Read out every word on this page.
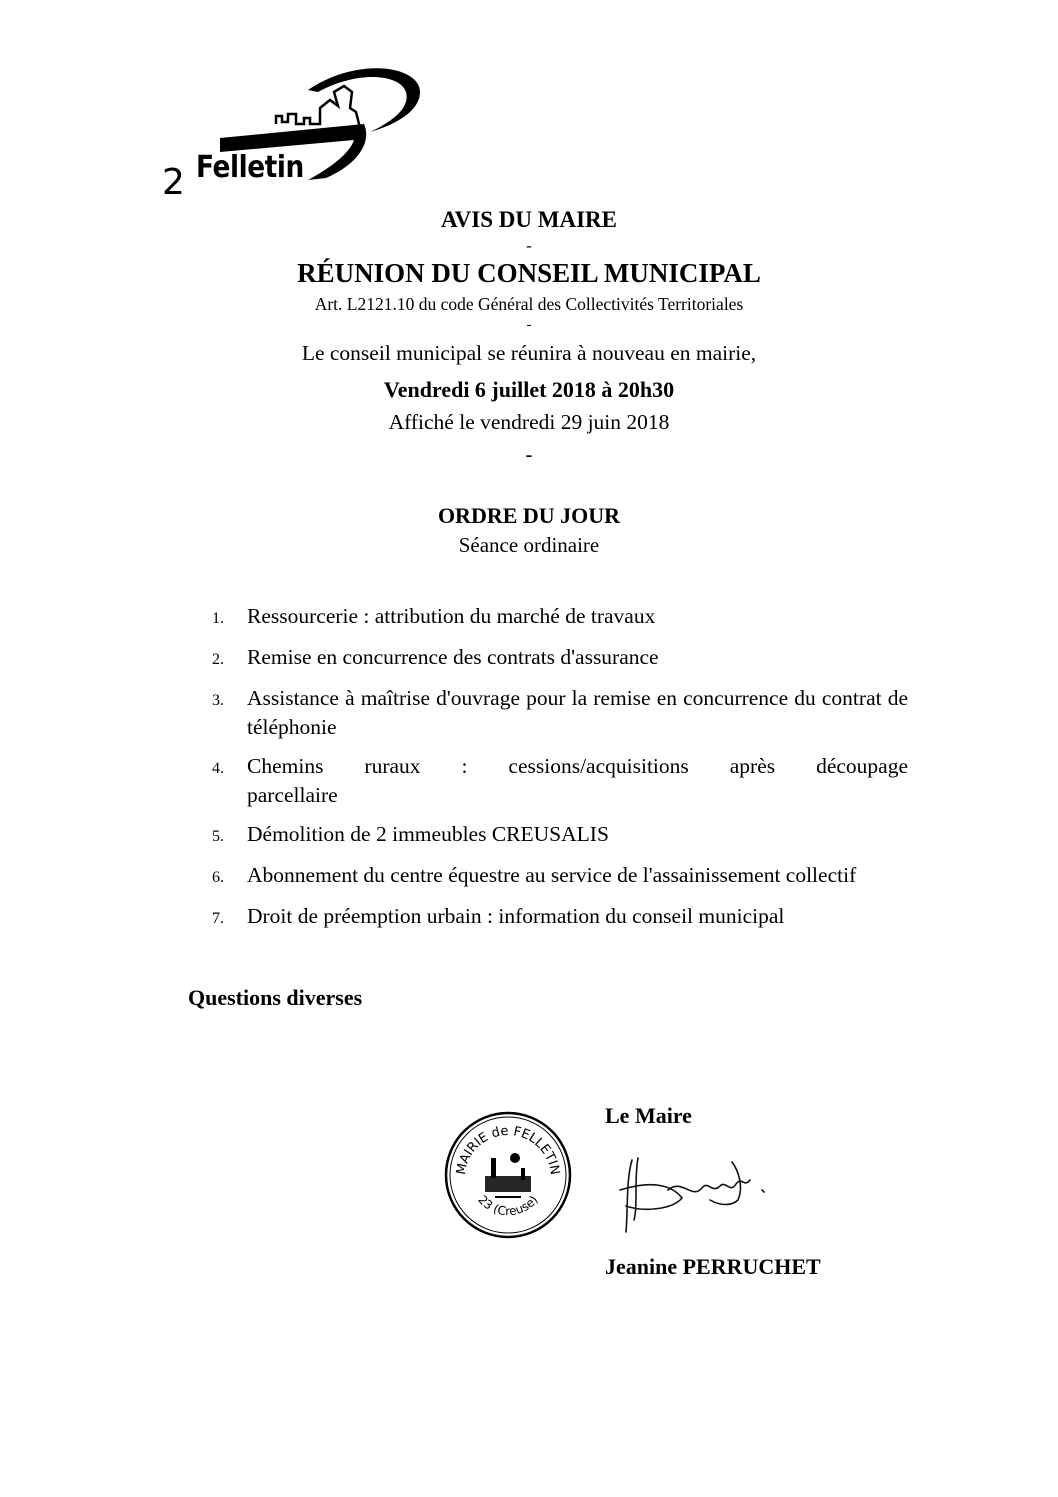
2 Felletin
AVIS DU MAIRE
-
RÉUNION DU CONSEIL MUNICIPAL
Art. L2121.10 du code Général des Collectivités Territoriales
-
Le conseil municipal se réunira à nouveau en mairie,
Vendredi 6 juillet 2018 à 20h30
Affiché le vendredi 29 juin 2018
-
ORDRE DU JOUR
Séance ordinaire
1.	Ressourcerie : attribution du marché de travaux
2.	Remise en concurrence des contrats d'assurance
3.	Assistance à maîtrise d'ouvrage pour la remise en concurrence du contrat de téléphonie
4.	Chemins ruraux : cessions/acquisitions après découpage parcellaire
5.	Démolition de 2 immeubles CREUSALIS
6.	Abonnement du centre équestre au service de l'assainissement collectif
7.	Droit de préemption urbain : information du conseil municipal
Questions diverses
MAIRIE de FELLETIN
23 (Creuse)
Le Maire
Jeanine PERRUCHET
